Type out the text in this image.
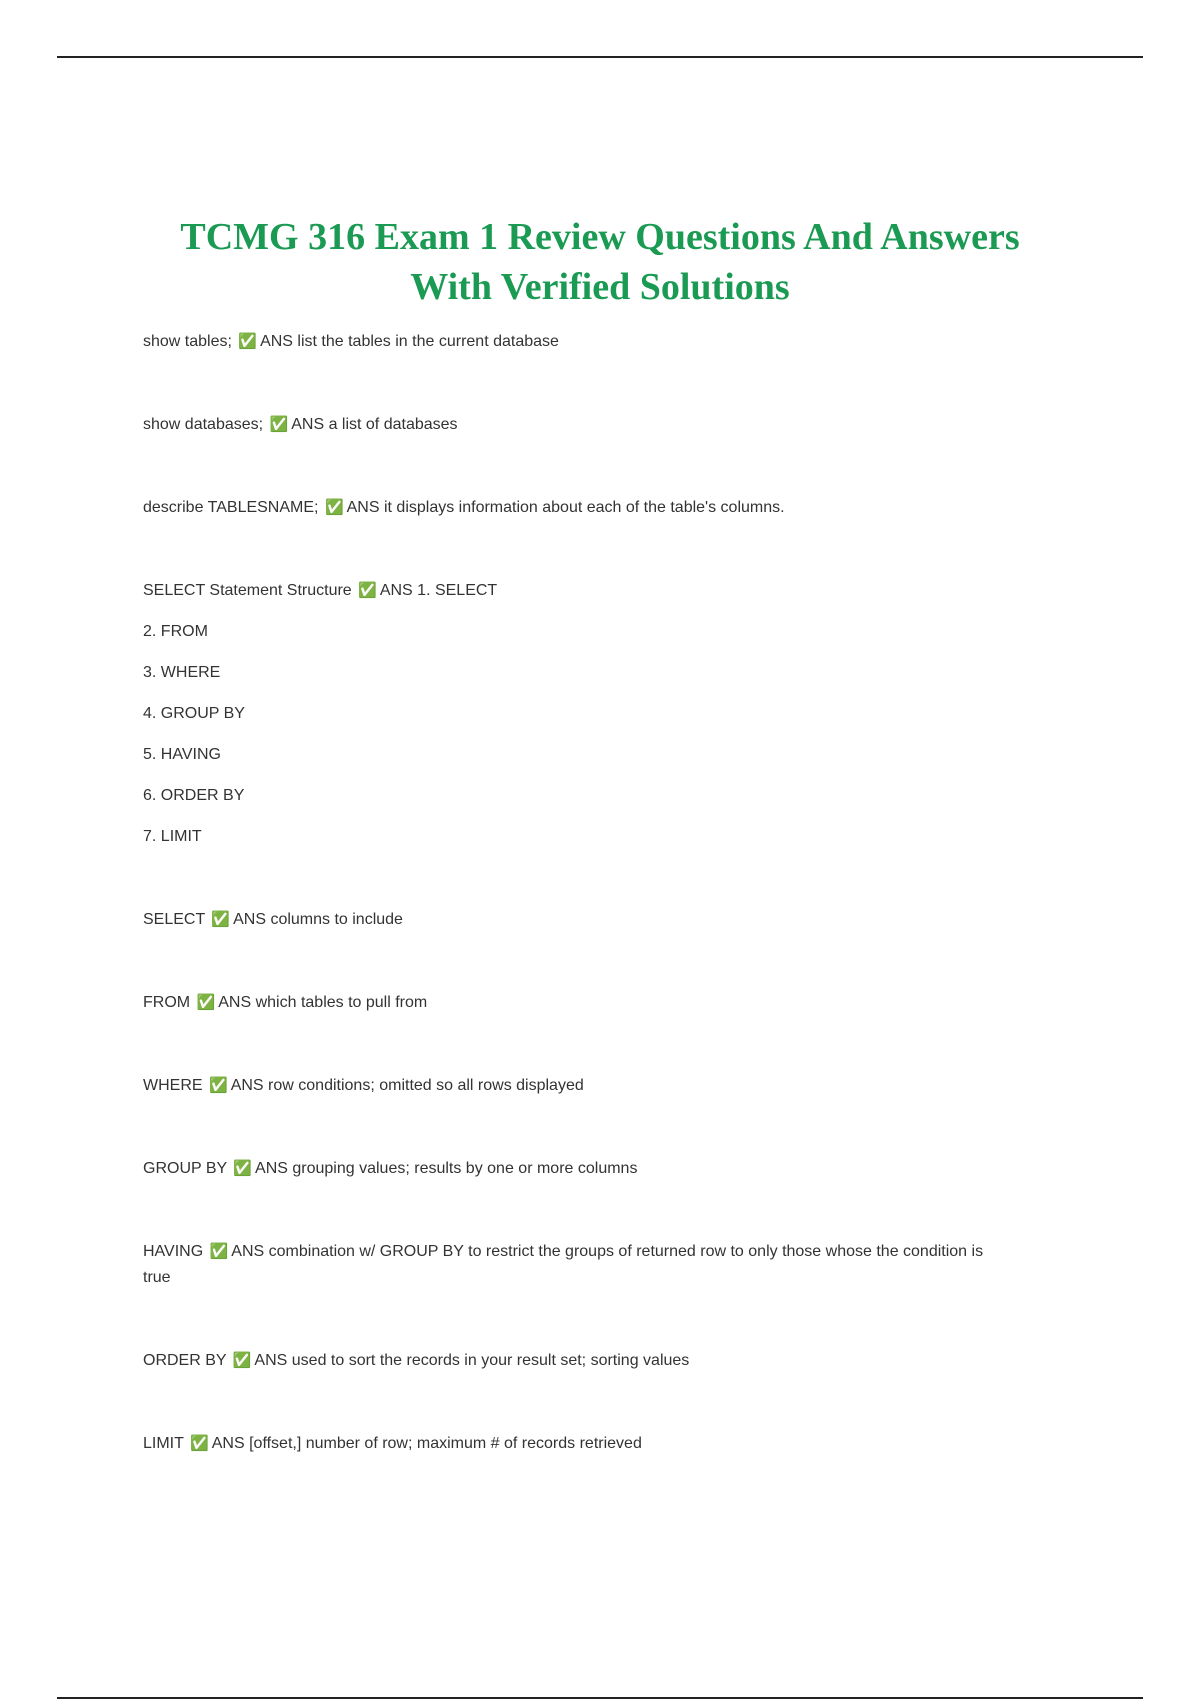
TCMG 316 Exam 1 Review Questions And Answers
With Verified Solutions

show tables; ✅ ANS list the tables in the current database

show databases; ✅ ANS a list of databases

describe TABLESNAME; ✅ ANS it displays information about each of the table's columns.

SELECT Statement Structure ✅ ANS 1. SELECT

2. FROM

3. WHERE

4. GROUP BY

5. HAVING

6. ORDER BY

7. LIMIT

SELECT ✅ ANS columns to include

FROM ✅ ANS which tables to pull from

WHERE ✅ ANS row conditions; omitted so all rows displayed

GROUP BY ✅ ANS grouping values; results by one or more columns

HAVING ✅ ANS combination w/ GROUP BY to restrict the groups of returned row to only those whose the condition is true

ORDER BY ✅ ANS used to sort the records in your result set; sorting values

LIMIT ✅ ANS [offset,] number of row; maximum # of records retrieved
